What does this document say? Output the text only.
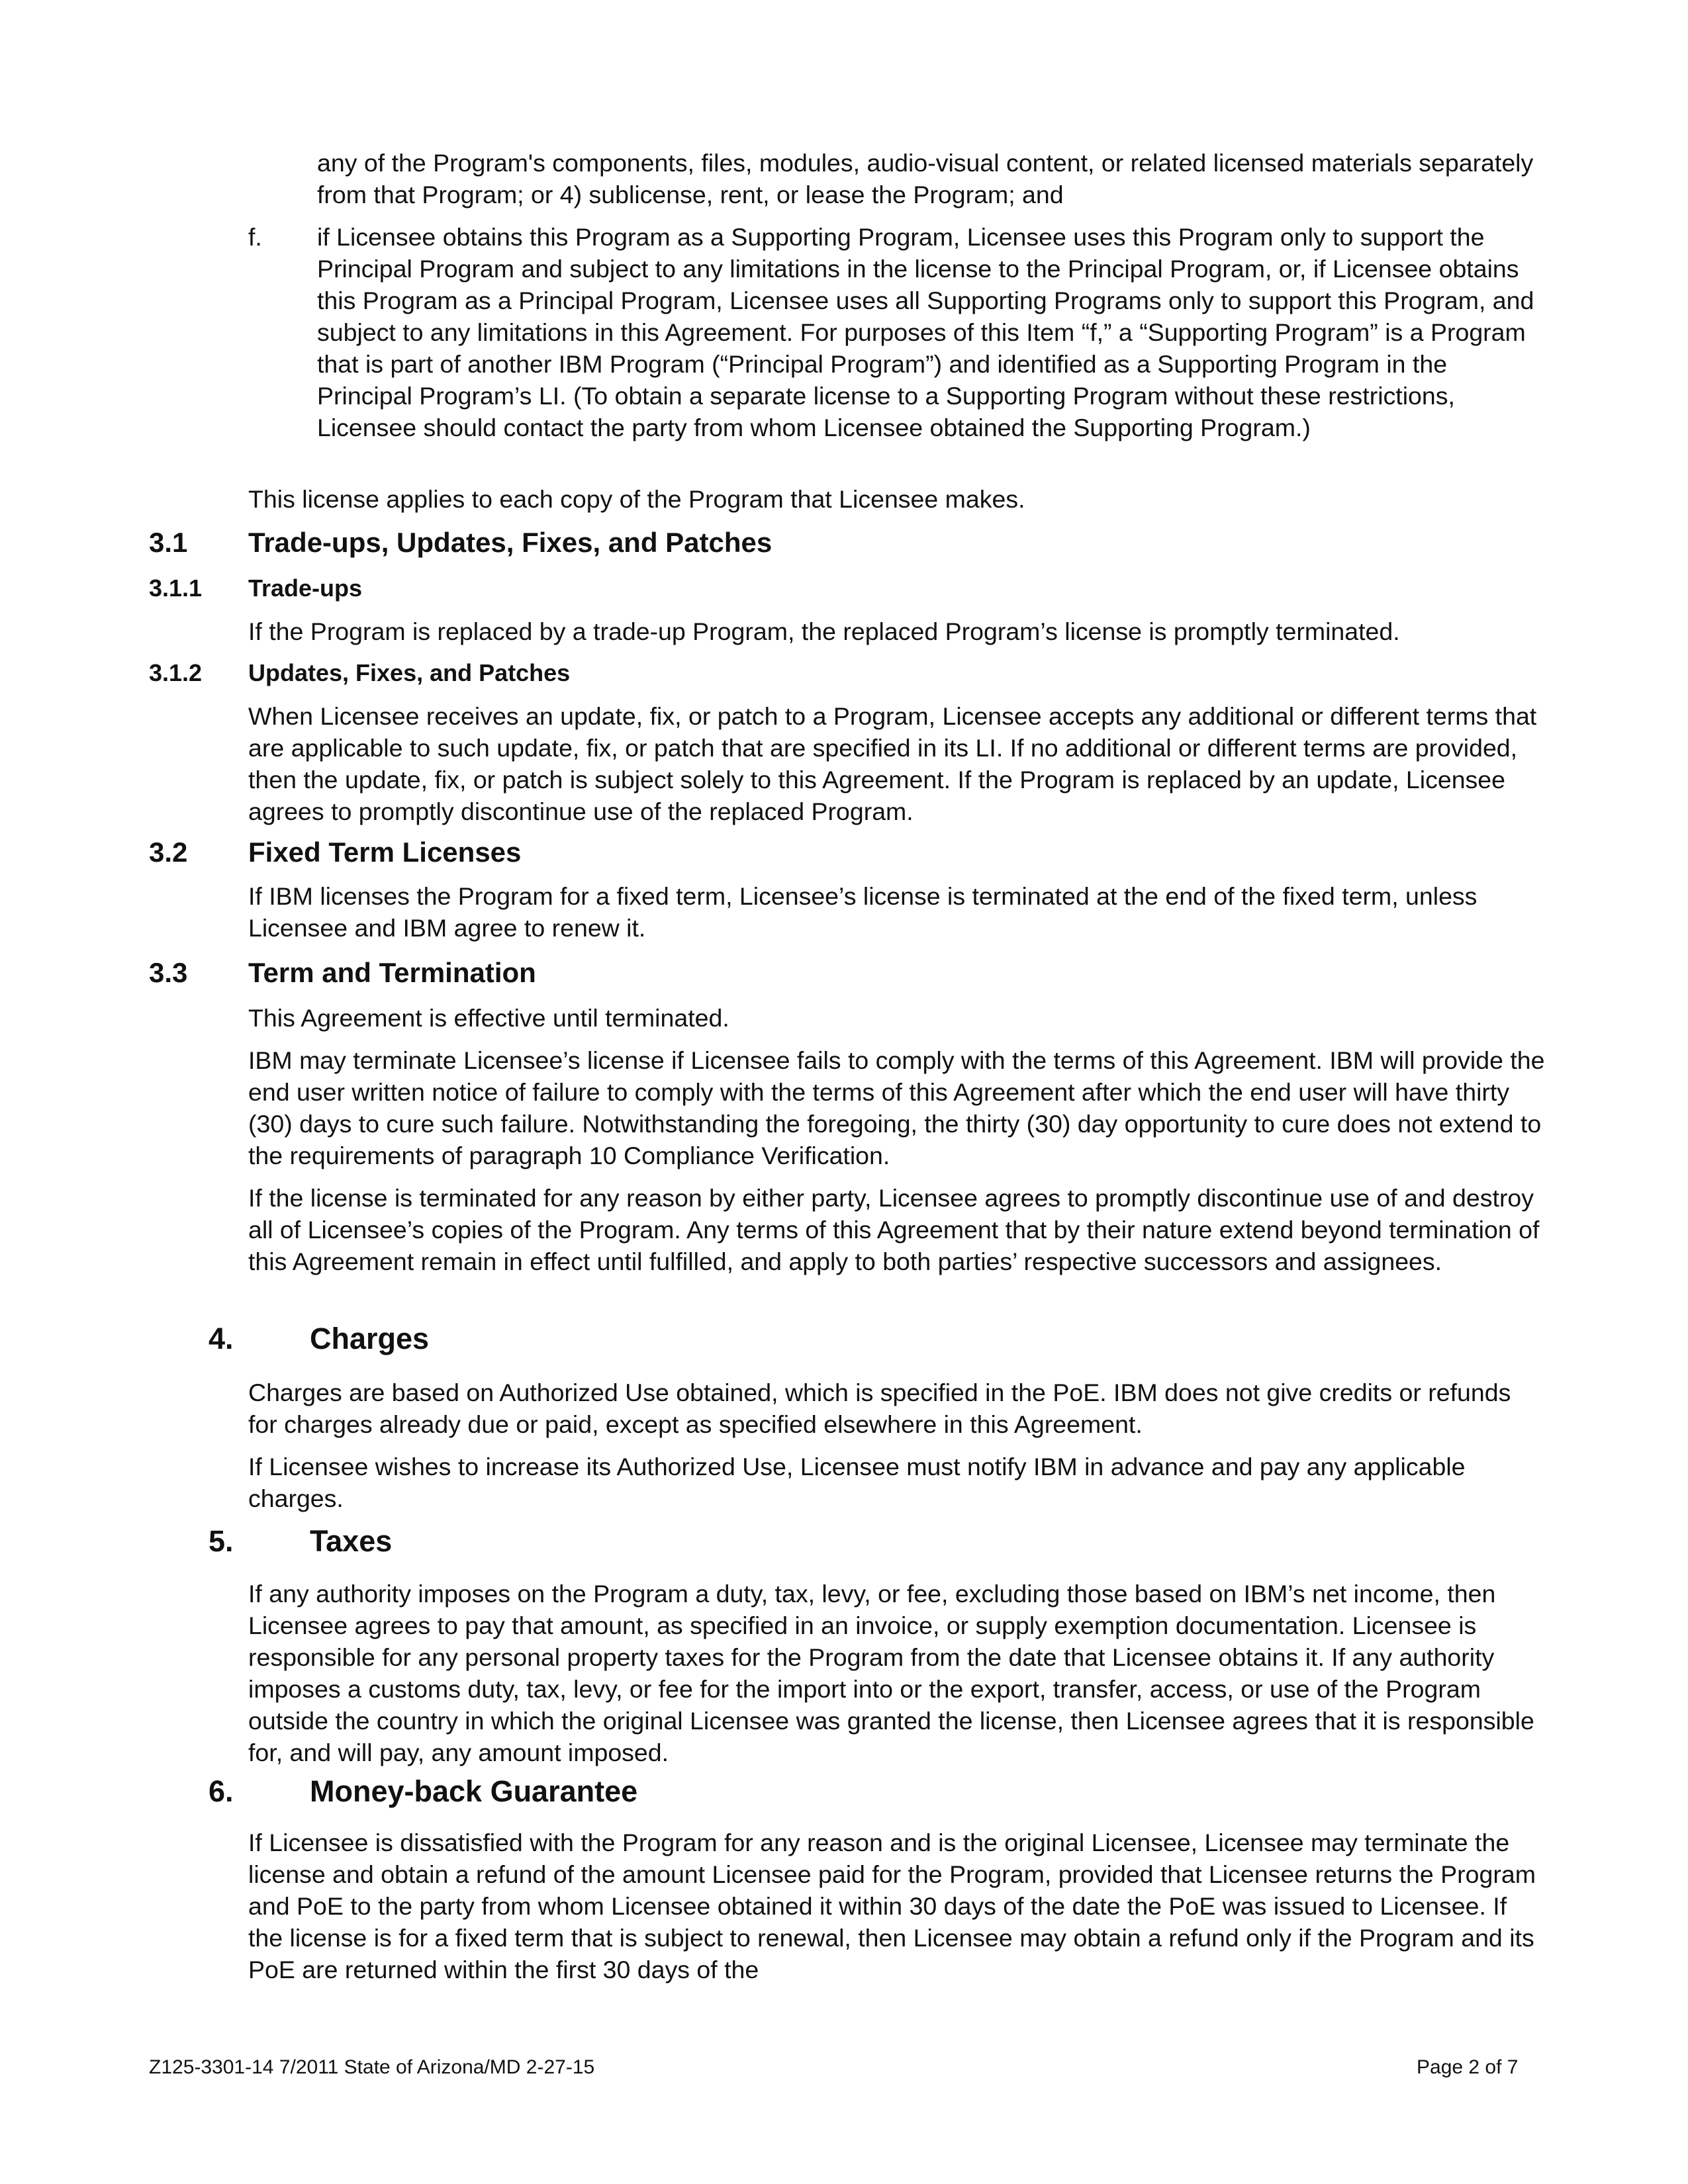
any of the Program's components, files, modules, audio-visual content, or related licensed materials separately from that Program; or 4) sublicense, rent, or lease the Program; and

f. if Licensee obtains this Program as a Supporting Program, Licensee uses this Program only to support the Principal Program and subject to any limitations in the license to the Principal Program, or, if Licensee obtains this Program as a Principal Program, Licensee uses all Supporting Programs only to support this Program, and subject to any limitations in this Agreement. For purposes of this Item “f,” a “Supporting Program” is a Program that is part of another IBM Program (“Principal Program”) and identified as a Supporting Program in the Principal Program’s LI. (To obtain a separate license to a Supporting Program without these restrictions, Licensee should contact the party from whom Licensee obtained the Supporting Program.)

This license applies to each copy of the Program that Licensee makes.

3.1 Trade-ups, Updates, Fixes, and Patches
3.1.1 Trade-ups

If the Program is replaced by a trade-up Program, the replaced Program’s license is promptly terminated.

3.1.2 Updates, Fixes, and Patches

When Licensee receives an update, fix, or patch to a Program, Licensee accepts any additional or different terms that are applicable to such update, fix, or patch that are specified in its LI. If no additional or different terms are provided, then the update, fix, or patch is subject solely to this Agreement. If the Program is replaced by an update, Licensee agrees to promptly discontinue use of the replaced Program.

3.2 Fixed Term Licenses

If IBM licenses the Program for a fixed term, Licensee’s license is terminated at the end of the fixed term, unless Licensee and IBM agree to renew it.

3.3 Term and Termination

This Agreement is effective until terminated.

IBM may terminate Licensee’s license if Licensee fails to comply with the terms of this Agreement. IBM will provide the end user written notice of failure to comply with the terms of this Agreement after which the end user will have thirty (30) days to cure such failure. Notwithstanding the foregoing, the thirty (30) day opportunity to cure does not extend to the requirements of paragraph 10 Compliance Verification.

If the license is terminated for any reason by either party, Licensee agrees to promptly discontinue use of and destroy all of Licensee’s copies of the Program. Any terms of this Agreement that by their nature extend beyond termination of this Agreement remain in effect until fulfilled, and apply to both parties’ respective successors and assignees.

4.	Charges

Charges are based on Authorized Use obtained, which is specified in the PoE. IBM does not give credits or refunds for charges already due or paid, except as specified elsewhere in this Agreement.

If Licensee wishes to increase its Authorized Use, Licensee must notify IBM in advance and pay any applicable charges.

5.	Taxes

If any authority imposes on the Program a duty, tax, levy, or fee, excluding those based on IBM’s net income, then Licensee agrees to pay that amount, as specified in an invoice, or supply exemption documentation. Licensee is responsible for any personal property taxes for the Program from the date that Licensee obtains it. If any authority imposes a customs duty, tax, levy, or fee for the import into or the export, transfer, access, or use of the Program outside the country in which the original Licensee was granted the license, then Licensee agrees that it is responsible for, and will pay, any amount imposed.

6.	Money-back Guarantee

If Licensee is dissatisfied with the Program for any reason and is the original Licensee, Licensee may terminate the license and obtain a refund of the amount Licensee paid for the Program, provided that Licensee returns the Program and PoE to the party from whom Licensee obtained it within 30 days of the date the PoE was issued to Licensee. If the license is for a fixed term that is subject to renewal, then Licensee may obtain a refund only if the Program and its PoE are returned within the first 30 days of the

Z125-3301-14 7/2011 State of Arizona/MD 2-27-15	Page 2 of 7
